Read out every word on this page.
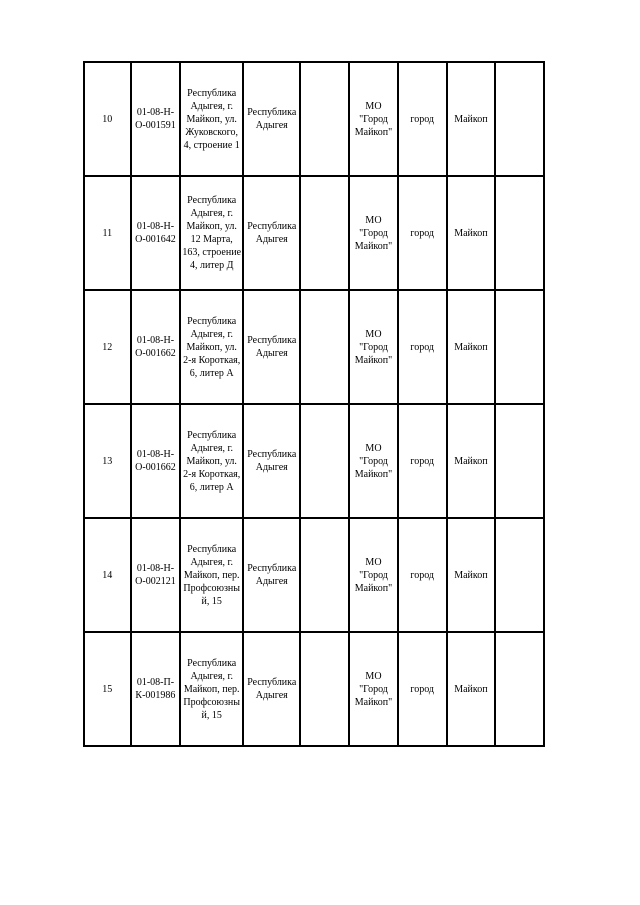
10	01-08-Н-О-001591	Республика Адыгея, г. Майкоп, ул. Жуковского, 4, строение 1	Республика Адыгея		МО "Город Майкоп"	город	Майкоп	

11	01-08-Н-О-001642	Республика Адыгея, г. Майкоп, ул. 12 Марта, 163, строение 4, литер Д	Республика Адыгея		МО "Город Майкоп"	город	Майкоп	

12	01-08-Н-О-001662	Республика Адыгея, г. Майкоп, ул. 2-я Короткая, 6, литер А	Республика Адыгея		МО "Город Майкоп"	город	Майкоп	

13	01-08-Н-О-001662	Республика Адыгея, г. Майкоп, ул. 2-я Короткая, 6, литер А	Республика Адыгея		МО "Город Майкоп"	город	Майкоп	

14	01-08-Н-О-002121	Республика Адыгея, г. Майкоп, пер. Профсоюзный, 15	Республика Адыгея		МО "Город Майкоп"	город	Майкоп	

15	01-08-П-К-001986	Республика Адыгея, г. Майкоп, пер. Профсоюзный, 15	Республика Адыгея		МО "Город Майкоп"	город	Майкоп	
